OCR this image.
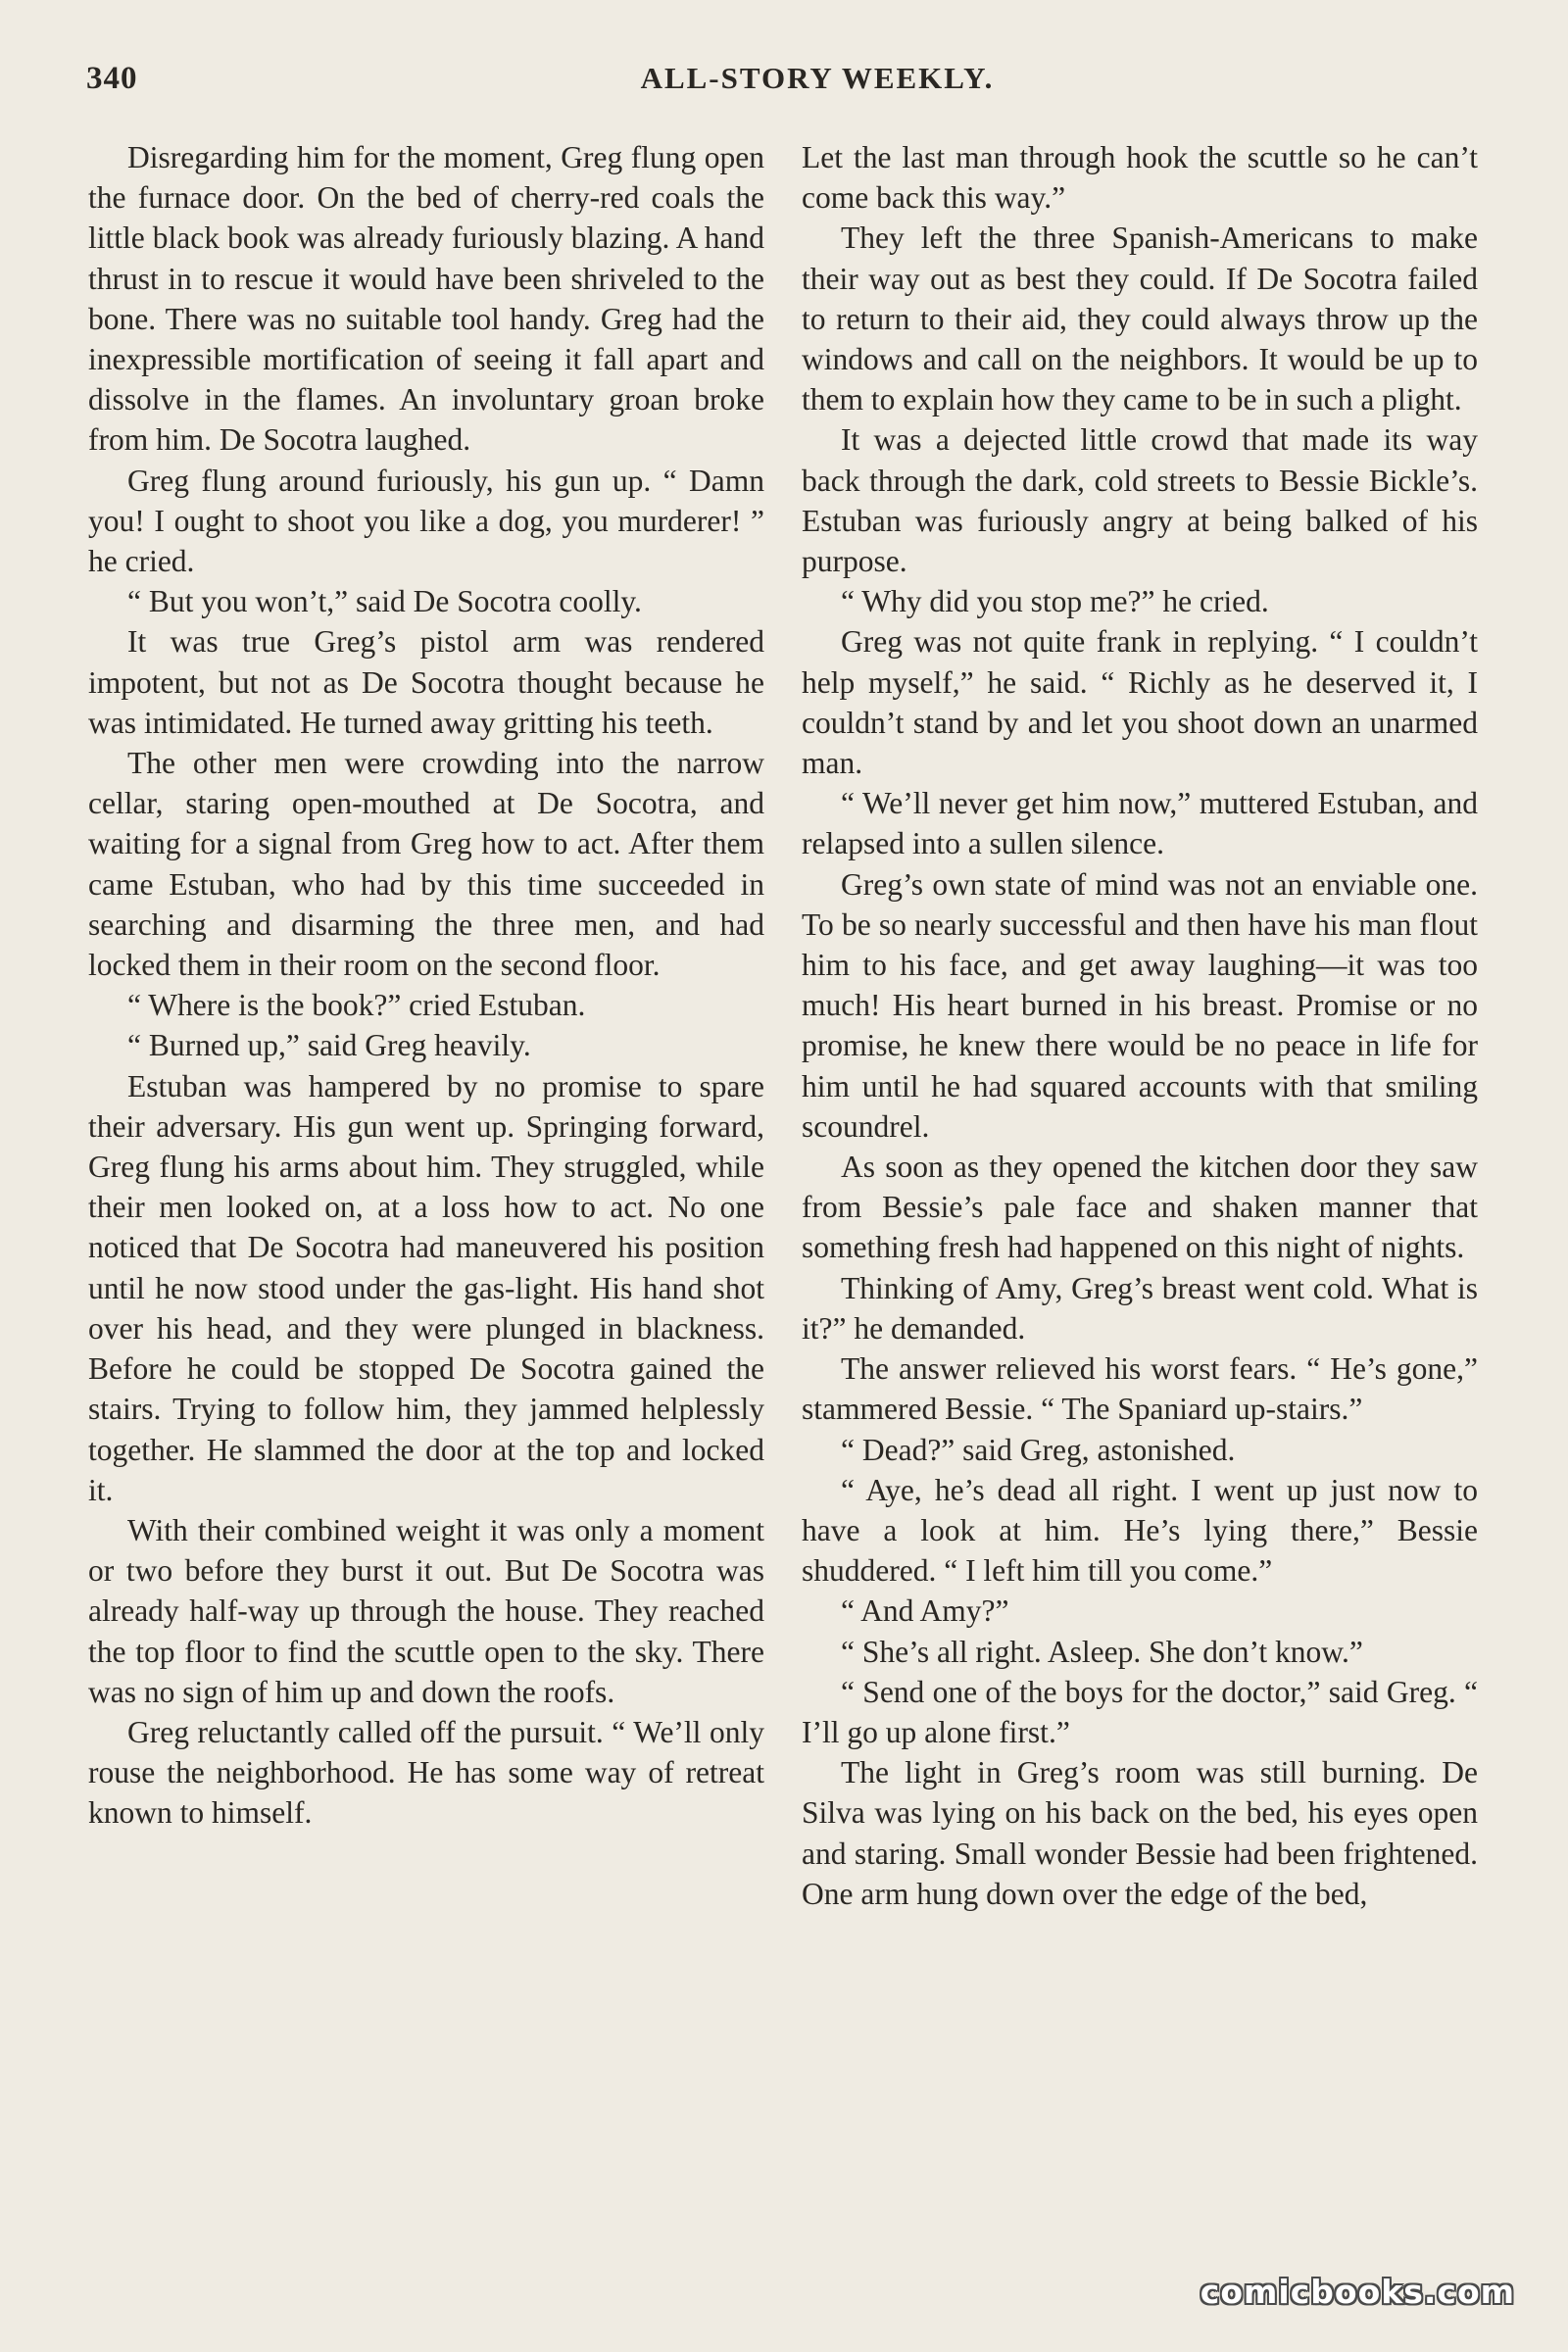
340	ALL-STORY WEEKLY.

Disregarding him for the moment, Greg flung open the furnace door. On the bed of cherry-red coals the little black book was already furiously blazing. A hand thrust in to rescue it would have been shriveled to the bone. There was no suitable tool handy. Greg had the inexpressible mortification of seeing it fall apart and dissolve in the flames. An involuntary groan broke from him. De Socotra laughed.

Greg flung around furiously, his gun up. “ Damn you! I ought to shoot you like a dog, you murderer! ” he cried.

“ But you won’t,” said De Socotra coolly.

It was true Greg’s pistol arm was rendered impotent, but not as De Socotra thought because he was intimidated. He turned away gritting his teeth.

The other men were crowding into the narrow cellar, staring open-mouthed at De Socotra, and waiting for a signal from Greg how to act. After them came Estuban, who had by this time succeeded in searching and disarming the three men, and had locked them in their room on the second floor.

“ Where is the book?” cried Estuban.

“ Burned up,” said Greg heavily.

Estuban was hampered by no promise to spare their adversary. His gun went up. Springing forward, Greg flung his arms about him. They struggled, while their men looked on, at a loss how to act. No one noticed that De Socotra had maneuvered his position until he now stood under the gas-light. His hand shot over his head, and they were plunged in blackness. Before he could be stopped De Socotra gained the stairs. Trying to follow him, they jammed helplessly together. He slammed the door at the top and locked it.

With their combined weight it was only a moment or two before they burst it out. But De Socotra was already half-way up through the house. They reached the top floor to find the scuttle open to the sky. There was no sign of him up and down the roofs.

Greg reluctantly called off the pursuit. “ We’ll only rouse the neighborhood. He has some way of retreat known to himself.

Let the last man through hook the scuttle so he can’t come back this way.”

They left the three Spanish-Americans to make their way out as best they could. If De Socotra failed to return to their aid, they could always throw up the windows and call on the neighbors. It would be up to them to explain how they came to be in such a plight.

It was a dejected little crowd that made its way back through the dark, cold streets to Bessie Bickle’s. Estuban was furiously angry at being balked of his purpose.

“ Why did you stop me?” he cried.

Greg was not quite frank in replying. “ I couldn’t help myself,” he said. “ Richly as he deserved it, I couldn’t stand by and let you shoot down an unarmed man.

“ We’ll never get him now,” muttered Estuban, and relapsed into a sullen silence.

Greg’s own state of mind was not an enviable one. To be so nearly successful and then have his man flout him to his face, and get away laughing—it was too much! His heart burned in his breast. Promise or no promise, he knew there would be no peace in life for him until he had squared accounts with that smiling scoundrel.

As soon as they opened the kitchen door they saw from Bessie’s pale face and shaken manner that something fresh had happened on this night of nights.

Thinking of Amy, Greg’s breast went cold. What is it?” he demanded.

The answer relieved his worst fears. “ He’s gone,” stammered Bessie. “ The Spaniard up-stairs.”

“ Dead?” said Greg, astonished.

“ Aye, he’s dead all right. I went up just now to have a look at him. He’s lying there,” Bessie shuddered. “ I left him till you come.”

“ And Amy?”

“ She’s all right. Asleep. She don’t know.”

“ Send one of the boys for the doctor,” said Greg. “ I’ll go up alone first.”

The light in Greg’s room was still burning. De Silva was lying on his back on the bed, his eyes open and staring. Small wonder Bessie had been frightened. One arm hung down over the edge of the bed,

comicbooks.com
